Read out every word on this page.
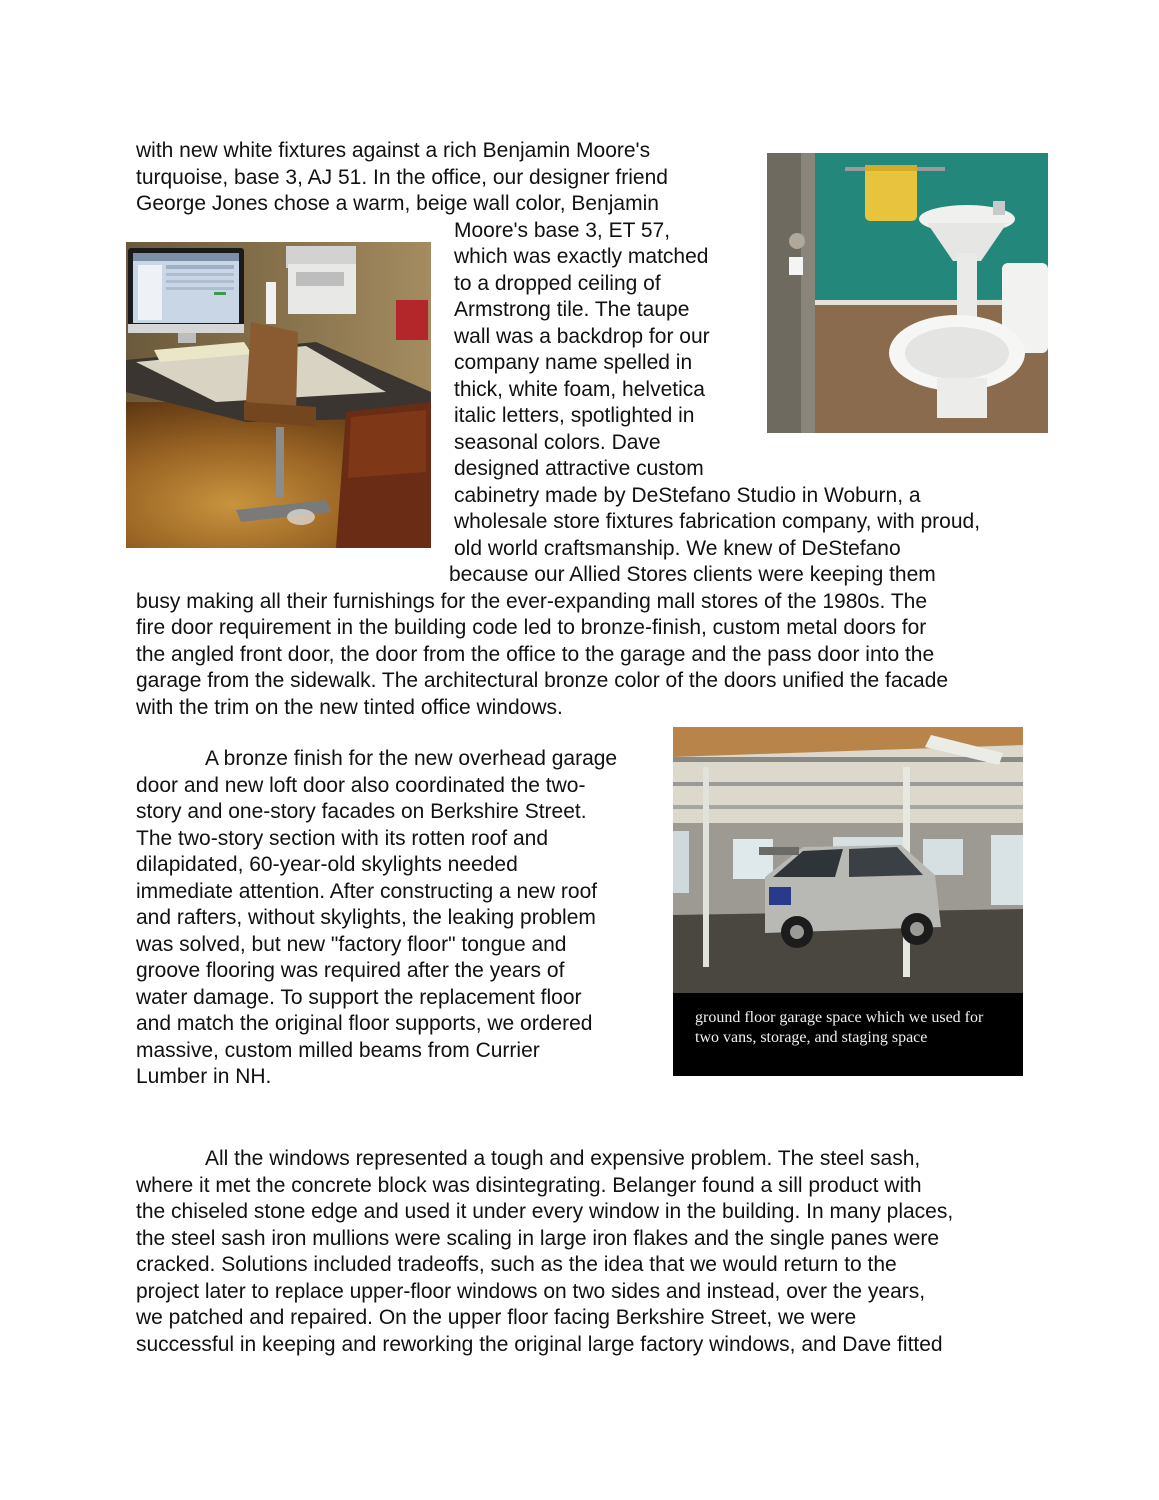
with new white fixtures against a rich Benjamin Moore's

turquoise, base 3, AJ 51. In the office, our designer friend

George Jones chose a warm, beige wall color, Benjamin

Moore's base 3, ET 57,

which was exactly matched

to a dropped ceiling of

Armstrong tile. The taupe

wall was a backdrop for our

company name spelled in

thick, white foam, helvetica

italic letters, spotlighted in

seasonal colors. Dave

designed attractive custom

cabinetry made by DeStefano Studio in Woburn, a

wholesale store fixtures fabrication company, with proud,

old world craftsmanship. We knew of DeStefano

because our Allied Stores clients were keeping them

busy making all their furnishings for the ever-expanding mall stores of the 1980s. The

fire door requirement in the building code led to bronze-finish, custom metal doors for

the angled front door, the door from the office to the garage and the pass door into the

garage from the sidewalk. The architectural bronze color of the doors unified the facade

with the trim on the new tinted office windows.

A bronze finish for the new overhead garage

door and new loft door also coordinated the two-

story and one-story facades on Berkshire Street.

The two-story section with its rotten roof and

dilapidated, 60-year-old skylights needed

immediate attention. After constructing a new roof

and rafters, without skylights, the leaking problem

was solved, but new "factory floor" tongue and

groove flooring was required after the years of

water damage. To support the replacement floor

and match the original floor supports, we ordered

massive, custom milled beams from Currier

Lumber in NH.

All the windows represented a tough and expensive problem. The steel sash,

where it met the concrete block was disintegrating. Belanger found a sill product with

the chiseled stone edge and used it under every window in the building. In many places,

the steel sash iron mullions were scaling in large iron flakes and the single panes were

cracked. Solutions included tradeoffs, such as the idea that we would return to the

project later to replace upper-floor windows on two sides and instead, over the years,

we patched and repaired. On the upper floor facing Berkshire Street, we were

successful in keeping and reworking the original large factory windows, and Dave fitted

ground floor garage space which we used for
two vans, storage, and staging space
